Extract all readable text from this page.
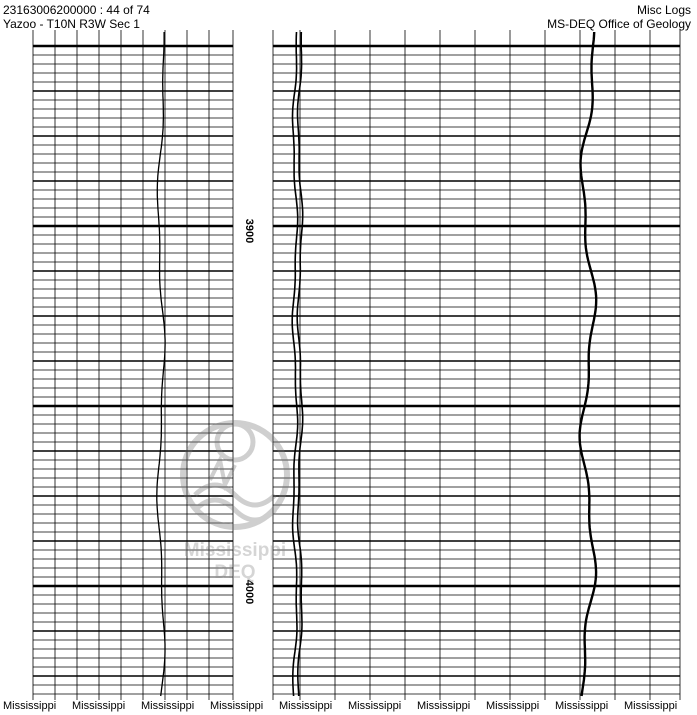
23163006200000 : 44 of 74
Yazoo - T10N R3W Sec 1
Misc Logs
MS-DEQ Office of Geology
3900
4000
Mississippi
DEQ
Mississippi Mississippi Mississippi Mississippi Mississippi Mississippi Mississippi Mississippi Mississippi Mississippi
